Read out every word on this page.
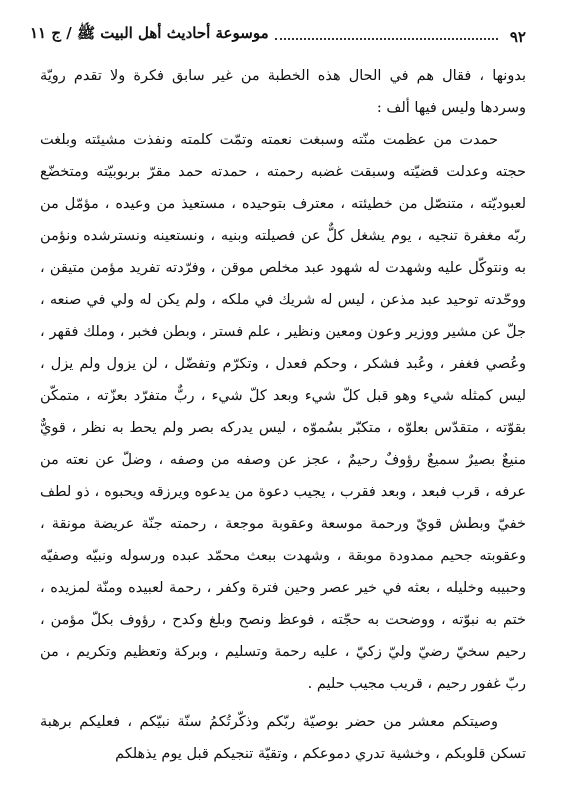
٩٢
موسوعة أحاديث أهل البيت ﷺ / ج ١١

بدونها ، فقال هم في الحال هذه الخطبة من غير سابق فكرة ولا تقدم رويّة وسردها وليس فيها ألف :

حمدت من عظمت منّته وسبغت نعمته وتمّت كلمته ونفذت مشيئته وبلغت حجته وعدلت قضيّته وسبقت غضبه رحمته ، حمدته حمد مقرّ بربوبيّته ومتخضّع لعبوديّته ، متنصّل من خطيئته ، معترف بتوحيده ، مستعيذ من وعيده ، مؤمّل من ربّه مغفرة تنجيه ، يوم يشغل كلٌّ عن فصيلته وبنيه ، ونستعينه ونسترشده ونؤمن به ونتوكّل عليه وشهدت له شهود عبد مخلص موقن ، وفرّدته تفريد مؤمن متيقن ، ووحّدته توحيد عبد مذعن ، ليس له شريك في ملكه ، ولم يكن له ولي في صنعه ، جلّ عن مشير ووزير وعون ومعين ونظير ، علم فستر ، وبطن فخبر ، وملك فقهر ، وعُصي فغفر ، وعُبد فشكر ، وحكم فعدل ، وتكرّم وتفضّل ، لن يزول ولم يزل ، ليس كمثله شيء وهو قبل كلّ شيء وبعد كلّ شيء ، ربٌّ متفرّد بعزّته ، متمكّن بقوّته ، متقدّس بعلوّه ، متكبّر بسُموّه ، ليس يدركه بصر ولم يحط به نظر ، قويٌّ منيعٌ بصيرٌ سميعٌ رؤوفٌ رحيمٌ ، عجز عن وصفه من وصفه ، وضلّ عن نعته من عرفه ، قرب فبعد ، وبعد فقرب ، يجيب دعوة من يدعوه ويرزقه ويحبوه ، ذو لطف خفيّ وبطش قويّ ورحمة موسعة وعقوبة موجعة ، رحمته جنّة عريضة مونقة ، وعقوبته جحيم ممدودة موبقة ، وشهدت ببعث محمّد عبده ورسوله ونبيّه وصفيّه وحبيبه وخليله ، بعثه في خير عصر وحين فترة وكفر ، رحمة لعبيده ومنّة لمزيده ، ختم به نبوّته ، ووضحت به حجّته ، فوعظ ونصح وبلغ وكدح ، رؤوف بكلّ مؤمن ، رحيم سخيّ رضيّ وليّ زكيّ ، عليه رحمة وتسليم ، وبركة وتعظيم وتكريم ، من ربّ غفور رحيم ، قريب مجيب حليم .

وصيتكم معشر من حضر بوصيّة ربّكم وذكّرتُكمُ سنّة نبيّكم ، فعليكم برهبة تسكن قلوبكم ، وخشية تدري دموعكم ، وتقيّة تنجيكم قبل يوم يذهلكم
